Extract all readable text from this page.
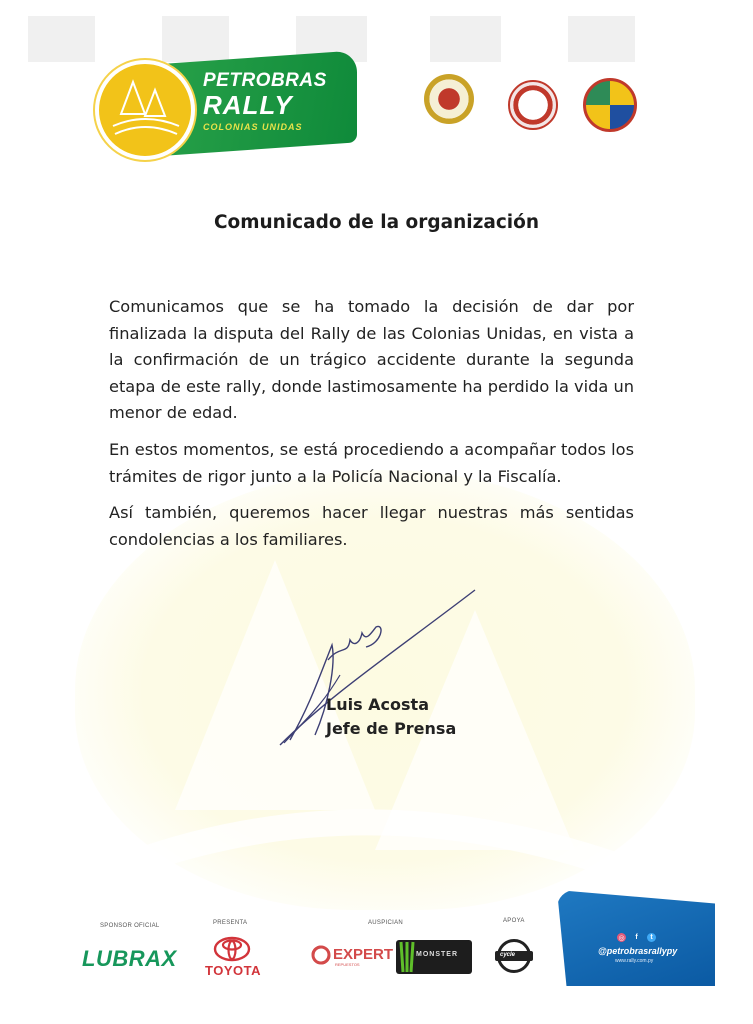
PETROBRAS
RALLY
COLONIAS UNIDAS
Comunicado de la organización

Comunicamos que se ha tomado la decisión de dar por finalizada la disputa del Rally de las Colonias Unidas, en vista a la confirmación de un trágico accidente durante la segunda etapa de este rally, donde lastimosamente ha perdido la vida un menor de edad.

En estos momentos, se está procediendo a acompañar todos los trámites de rigor junto a la Policía Nacional y la Fiscalía.

Así también, queremos hacer llegar nuestras más sentidas condolencias a los familiares.

Luis Acosta
Jefe de Prensa
SPONSOR OFICIAL	PRESENTA	AUSPICIAN	APOYA
LUBRAX TOYOTA
EXPERT
REPUESTOS
MONSTER	cycle
◎	f	t
@petrobrasrallypy
www.rally.com.py
